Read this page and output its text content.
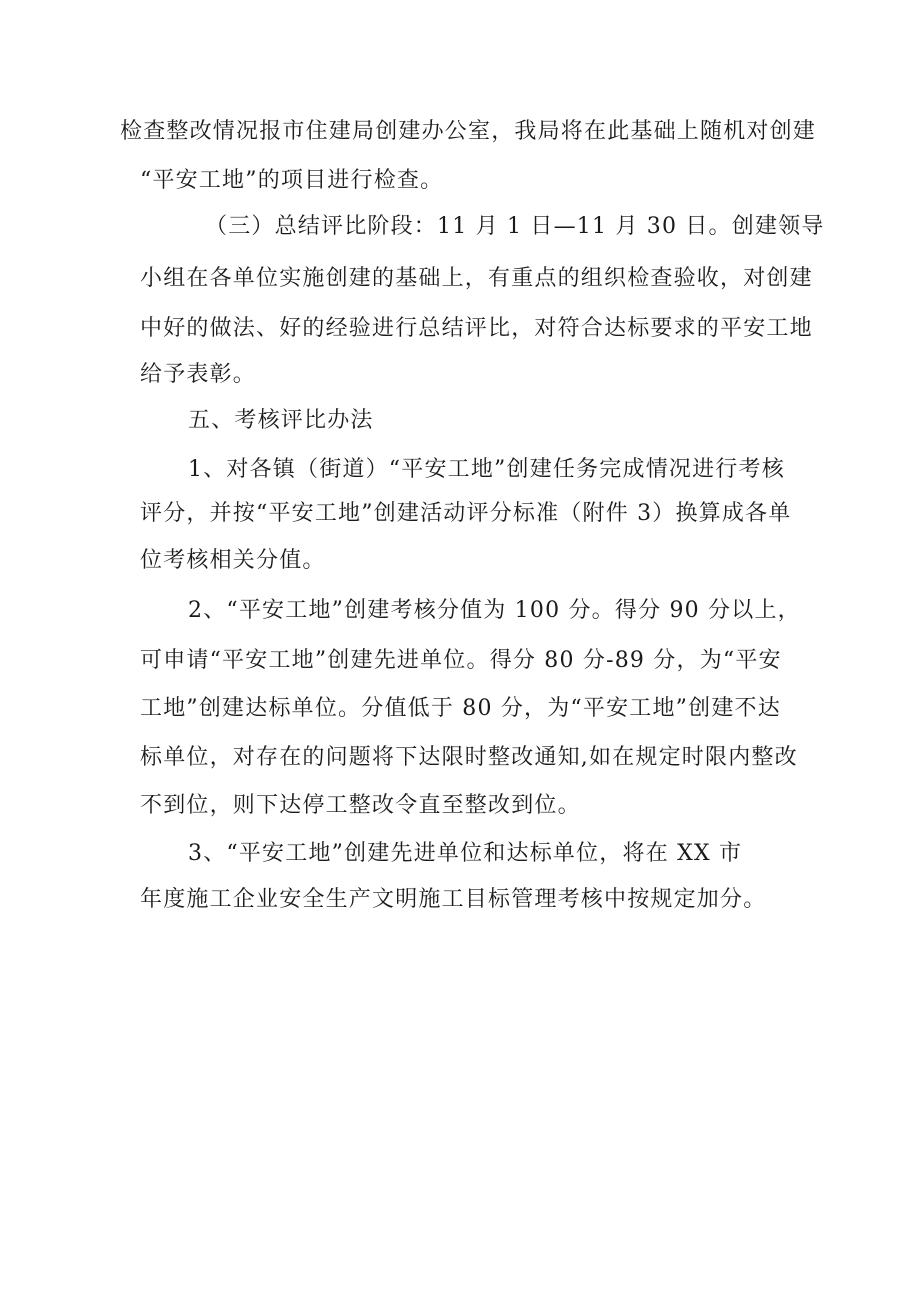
检查整改情况报市住建局创建办公室，我局将在此基础上随机对创建
“平安工地”的项目进行检查。
（三）总结评比阶段：11 月 1 日—11 月 30 日。创建领导
小组在各单位实施创建的基础上，有重点的组织检查验收，对创建
中好的做法、好的经验进行总结评比，对符合达标要求的平安工地
给予表彰。
五、考核评比办法
1、对各镇（街道）“平安工地”创建任务完成情况进行考核
评分，并按“平安工地”创建活动评分标准（附件 3）换算成各单
位考核相关分值。
2、“平安工地”创建考核分值为 100 分。得分 90 分以上，
可申请“平安工地”创建先进单位。得分 80 分-89 分，为“平安
工地”创建达标单位。分值低于 80 分，为“平安工地”创建不达
标单位，对存在的问题将下达限时整改通知,如在规定时限内整改
不到位，则下达停工整改令直至整改到位。
3、“平安工地”创建先进单位和达标单位，将在 XX 市
年度施工企业安全生产文明施工目标管理考核中按规定加分。
